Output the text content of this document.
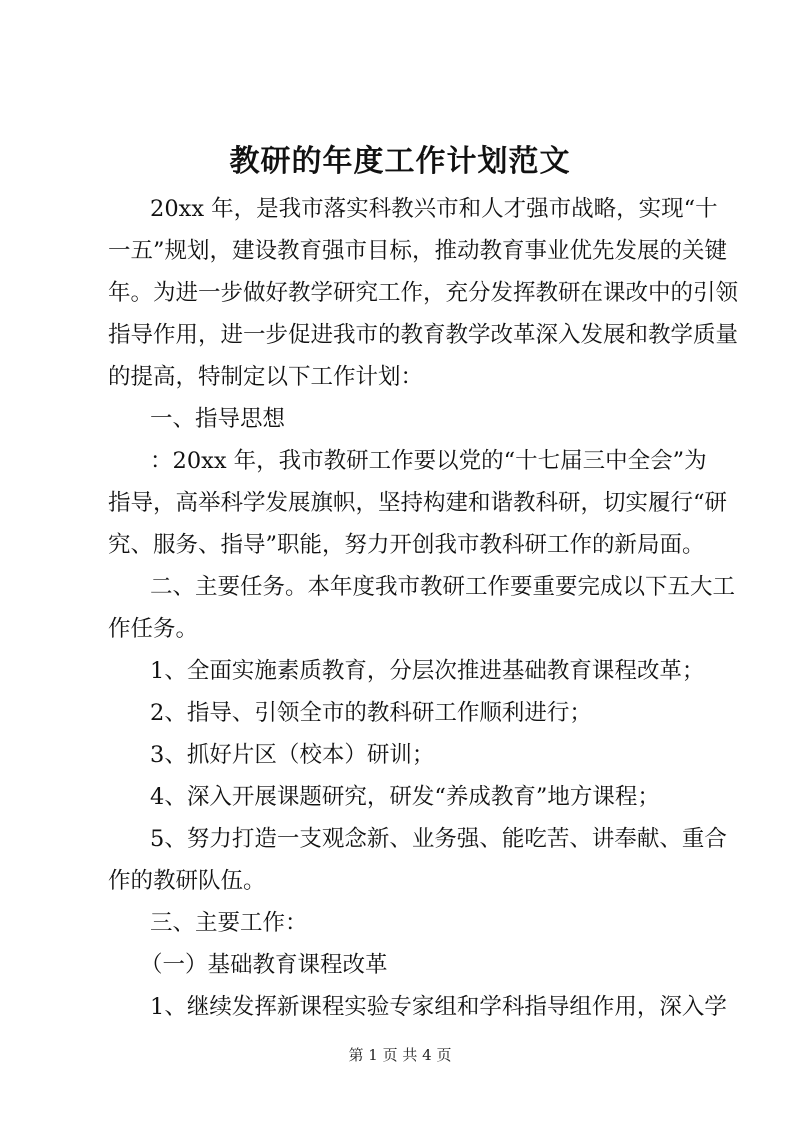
教研的年度工作计划范文
20xx 年，是我市落实科教兴市和人才强市战略，实现“十
一五”规划，建设教育强市目标，推动教育事业优先发展的关键
年。为进一步做好教学研究工作，充分发挥教研在课改中的引领
指导作用，进一步促进我市的教育教学改革深入发展和教学质量
的提高，特制定以下工作计划：
一、指导思想
：20xx 年，我市教研工作要以党的“十七届三中全会”为
指导，高举科学发展旗帜，坚持构建和谐教科研，切实履行“研
究、服务、指导”职能，努力开创我市教科研工作的新局面。
二、主要任务。本年度我市教研工作要重要完成以下五大工
作任务。
1、全面实施素质教育，分层次推进基础教育课程改革；
2、指导、引领全市的教科研工作顺利进行；
3、抓好片区（校本）研训；
4、深入开展课题研究，研发“养成教育”地方课程；
5、努力打造一支观念新、业务强、能吃苦、讲奉献、重合
作的教研队伍。
三、主要工作：
（一）基础教育课程改革
1、继续发挥新课程实验专家组和学科指导组作用，深入学
第 1 页 共 4 页
